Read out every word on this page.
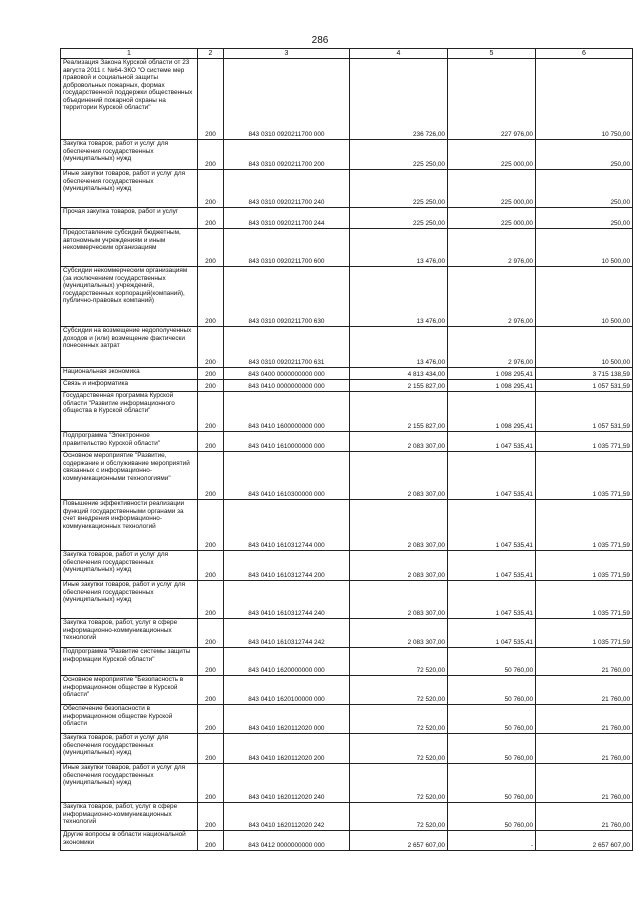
286
1	2	3	4	5	6
Реализация Закона Курской области от 23 августа 2011 г. №64-ЗКО "О системе мер правовой и социальной защиты добровольных пожарных, формах государственной поддержки общественных объединений пожарной охраны на территории Курской области"	200	843 0310 0920211700 000	236 726,00	227 976,00	10 750,00
Закупка товаров, работ и услуг для обеспечения государственных (муниципальных) нужд	200	843 0310 0920211700 200	225 250,00	225 000,00	250,00
Иные закупки товаров, работ и услуг для обеспечения государственных (муниципальных) нужд	200	843 0310 0920211700 240	225 250,00	225 000,00	250,00
Прочая закупка товаров, работ и услуг	200	843 0310 0920211700 244	225 250,00	225 000,00	250,00
Предоставление субсидий бюджетным, автономным учреждениям и иным некоммерческим организациям	200	843 0310 0920211700 600	13 476,00	2 976,00	10 500,00
Субсидии некоммерческим организациям (за исключением государственных (муниципальных) учреждений, государственных корпораций(компаний), публично-правовых компаний)	200	843 0310 0920211700 630	13 476,00	2 976,00	10 500,00
Субсидии на возмещение недополученных доходов и (или) возмещение фактически понесенных затрат	200	843 0310 0920211700 631	13 476,00	2 976,00	10 500,00
Национальная экономика	200	843 0400 0000000000 000	4 813 434,00	1 098 295,41	3 715 138,59
Связь и информатика	200	843 0410 0000000000 000	2 155 827,00	1 098 295,41	1 057 531,59
Государственная программа Курской области "Развитие информационного общества в Курской области"	200	843 0410 1600000000 000	2 155 827,00	1 098 295,41	1 057 531,59
Подпрограмма "Электронное правительство Курской области"	200	843 0410 1610000000 000	2 083 307,00	1 047 535,41	1 035 771,59
Основное мероприятие "Развитие, содержание и обслуживание мероприятий связанных с информационно-коммуникационными технологиями"	200	843 0410 1610300000 000	2 083 307,00	1 047 535,41	1 035 771,59
Повышение эффективности реализации функций государственными органами за счет внедрения информационно-коммуникационных технологий	200	843 0410 1610312744 000	2 083 307,00	1 047 535,41	1 035 771,59
Закупка товаров, работ и услуг для обеспечения государственных (муниципальных) нужд	200	843 0410 1610312744 200	2 083 307,00	1 047 535,41	1 035 771,59
Иные закупки товаров, работ и услуг для обеспечения государственных (муниципальных) нужд	200	843 0410 1610312744 240	2 083 307,00	1 047 535,41	1 035 771,59
Закупка товаров, работ, услуг в сфере информационно-коммуникационных технологий	200	843 0410 1610312744 242	2 083 307,00	1 047 535,41	1 035 771,59
Подпрограмма "Развитие системы защиты информации Курской области"	200	843 0410 1620000000 000	72 520,00	50 760,00	21 760,00
Основное мероприятие "Безопасность в информационном обществе в Курской области"	200	843 0410 1620100000 000	72 520,00	50 760,00	21 760,00
Обеспечение безопасности в информационном обществе Курской области	200	843 0410 1620112020 000	72 520,00	50 760,00	21 760,00
Закупка товаров, работ и услуг для обеспечения государственных (муниципальных) нужд	200	843 0410 1620112020 200	72 520,00	50 760,00	21 760,00
Иные закупки товаров, работ и услуг для обеспечения государственных (муниципальных) нужд	200	843 0410 1620112020 240	72 520,00	50 760,00	21 760,00
Закупка товаров, работ, услуг в сфере информационно-коммуникационных технологий	200	843 0410 1620112020 242	72 520,00	50 760,00	21 760,00
Другие вопросы в области национальной экономики	200	843 0412 0000000000 000	2 657 607,00	-	2 657 607,00
